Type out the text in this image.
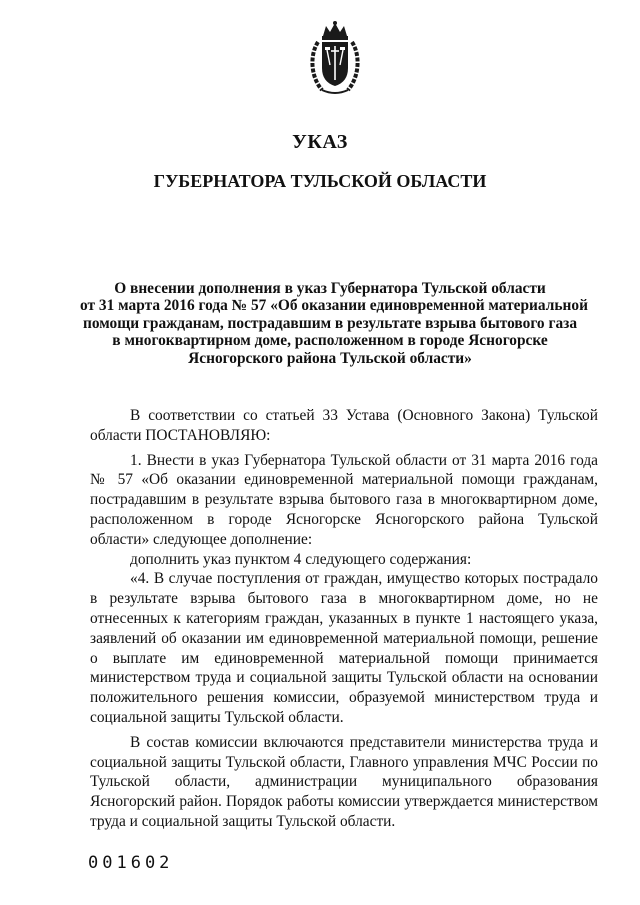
УКАЗ
ГУБЕРНАТОРА ТУЛЬСКОЙ ОБЛАСТИ
О внесении дополнения в указ Губернатора Тульской области
от 31 марта 2016 года № 57 «Об оказании единовременной материальной
помощи гражданам, пострадавшим в результате взрыва бытового газа
в многоквартирном доме, расположенном в городе Ясногорске
Ясногорского района Тульской области»

В соответствии со статьей 33 Устава (Основного Закона) Тульской области ПОСТАНОВЛЯЮ:

1. Внести в указ Губернатора Тульской области от 31 марта 2016 года № 57 «Об оказании единовременной материальной помощи гражданам, пострадавшим в результате взрыва бытового газа в многоквартирном доме, расположенном в городе Ясногорске Ясногорского района Тульской области» следующее дополнение:

дополнить указ пунктом 4 следующего содержания:

«4. В случае поступления от граждан, имущество которых пострадало в результате взрыва бытового газа в многоквартирном доме, но не отнесенных к категориям граждан, указанных в пункте 1 настоящего указа, заявлений об оказании им единовременной материальной помощи, решение о выплате им единовременной материальной помощи принимается министерством труда и социальной защиты Тульской области на основании положительного решения комиссии, образуемой министерством труда и социальной защиты Тульской области.

В состав комиссии включаются представители министерства труда и социальной защиты Тульской области, Главного управления МЧС России по Тульской области, администрации муниципального образования Ясногорский район. Порядок работы комиссии утверждается министерством труда и социальной защиты Тульской области.

001602
